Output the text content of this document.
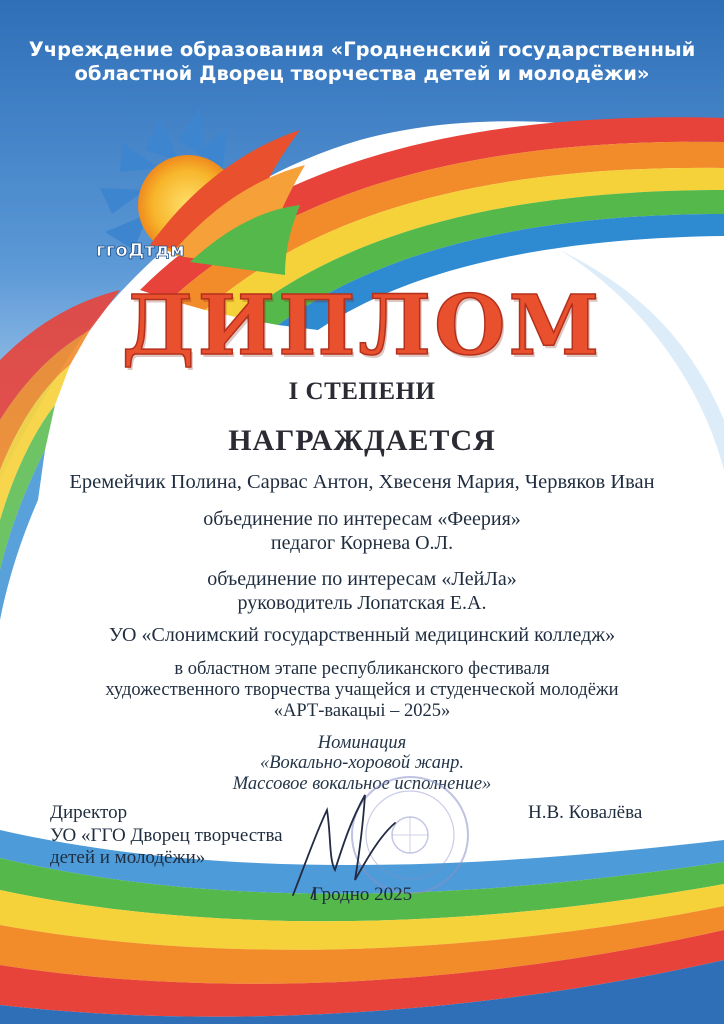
ггоДтдм

Учреждение образования «Гродненский государственный

областной Дворец творчества детей и молодёжи»

ДИПЛОМ

I СТЕПЕНИ

НАГРАЖДАЕТСЯ

Еремейчик Полина, Сарвас Антон, Хвесеня Мария, Червяков Иван

объединение по интересам «Феерия»

педагог Корнева О.Л.

объединение по интересам «ЛейЛа»

руководитель Лопатская Е.А.

УО «Слонимский государственный медицинский колледж»

в областном этапе республиканского фестиваля

художественного творчества учащейся и студенческой молодёжи

«АРТ-вакацыі – 2025»

Номинация

«Вокально-хоровой жанр.

Массовое вокальное исполнение»

Директор

УО «ГГО Дворец творчества

детей и молодёжи»

Н.В. Ковалёва

Гродно 2025
